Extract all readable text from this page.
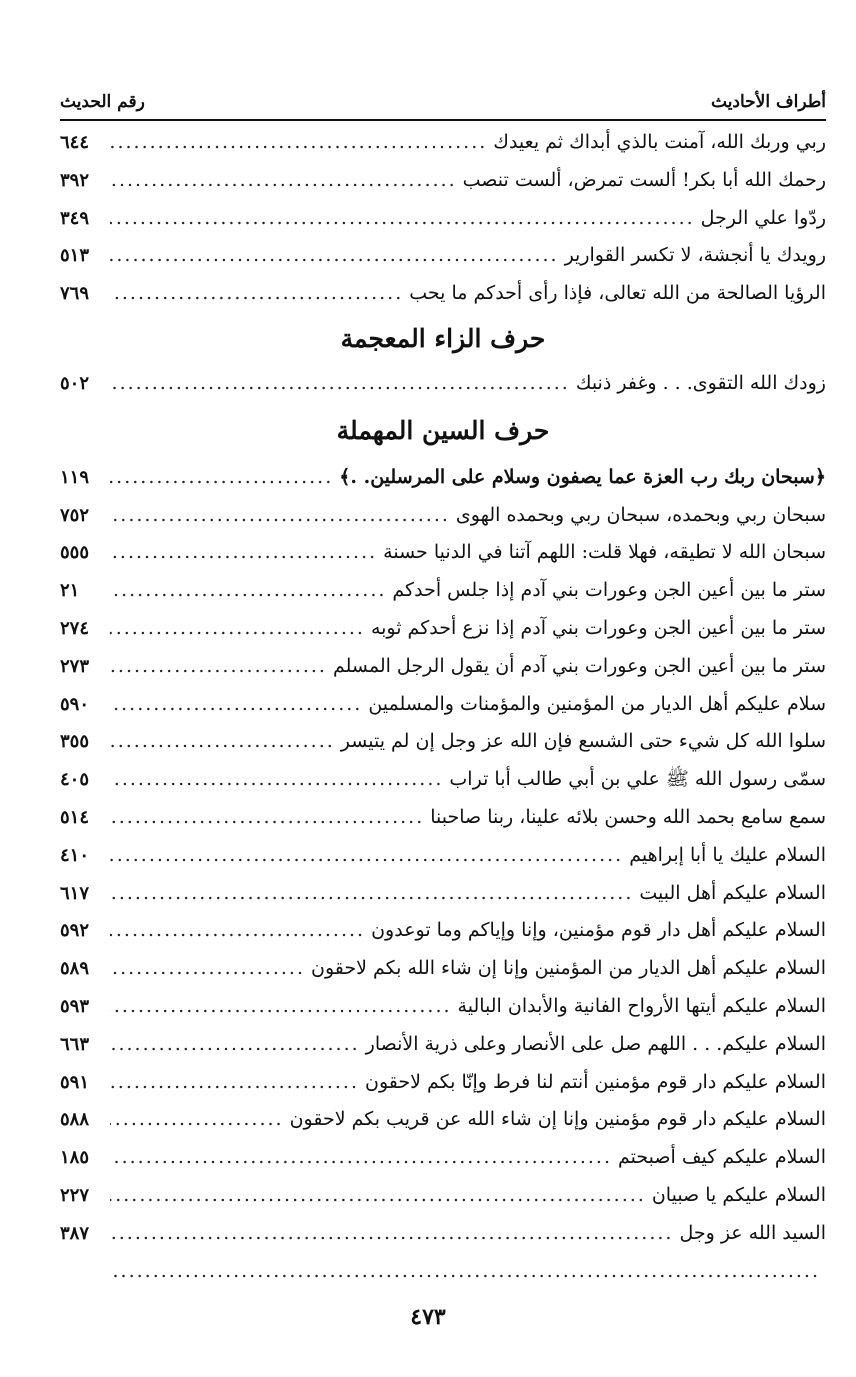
أطراف الأحاديث
رقم الحديث
ربي وربك الله، آمنت بالذي أبداك ثم يعيدك
.....
٦٤٤
رحمك الله أبا بكر! ألست تمرض، ألست تنصب
.....
٣٩٢
ردّوا علي الرجل
.....
٣٤٩
رويدك يا أنجشة، لا تكسر القوارير
.....
٥١٣
الرؤيا الصالحة من الله تعالى، فإذا رأى أحدكم ما يحب
.....
٧٦٩
حرف الزاء المعجمة
زودك الله التقوى. . . وغفر ذنبك
.....
٥٠٢
حرف السين المهملة
﴿سبحان ربك رب العزة عما يصفون وسلام على المرسلين. .﴾
.....
١١٩
سبحان ربي وبحمده، سبحان ربي وبحمده الهوى
.....
٧٥٢
سبحان الله لا تطيقه، فهلا قلت: اللهم آتنا في الدنيا حسنة
.....
٥٥٥
ستر ما بين أعين الجن وعورات بني آدم إذا جلس أحدكم
.....
٢١
ستر ما بين أعين الجن وعورات بني آدم إذا نزع أحدكم ثوبه
.....
٢٧٤
ستر ما بين أعين الجن وعورات بني آدم أن يقول الرجل المسلم
.....
٢٧٣
سلام عليكم أهل الديار من المؤمنين والمؤمنات والمسلمين
.....
٥٩٠
سلوا الله كل شيء حتى الشسع فإن الله عز وجل إن لم يتيسر
.....
٣٥٥
سمّى رسول الله ﷺ علي بن أبي طالب أبا تراب
.....
٤٠٥
سمع سامع بحمد الله وحسن بلائه علينا، ربنا صاحبنا
.....
٥١٤
السلام عليك يا أبا إبراهيم
.....
٤١٠
السلام عليكم أهل البيت
.....
٦١٧
السلام عليكم أهل دار قوم مؤمنين، وإنا وإياكم وما توعدون
.....
٥٩٢
السلام عليكم أهل الديار من المؤمنين وإنا إن شاء الله بكم لاحقون
.....
٥٨٩
السلام عليكم أيتها الأرواح الفانية والأبدان البالية
.....
٥٩٣
السلام عليكم. . . اللهم صل على الأنصار وعلى ذرية الأنصار
.....
٦٦٣
السلام عليكم دار قوم مؤمنين أنتم لنا فرط وإنّا بكم لاحقون
.....
٥٩١
السلام عليكم دار قوم مؤمنين وإنا إن شاء الله عن قريب بكم لاحقون
.....
٥٨٨
السلام عليكم كيف أصبحتم
.....
١٨٥
السلام عليكم يا صبيان
.....
٢٢٧
السيد الله عز وجل
.....
٣٨٧
.....
٤٧٣
